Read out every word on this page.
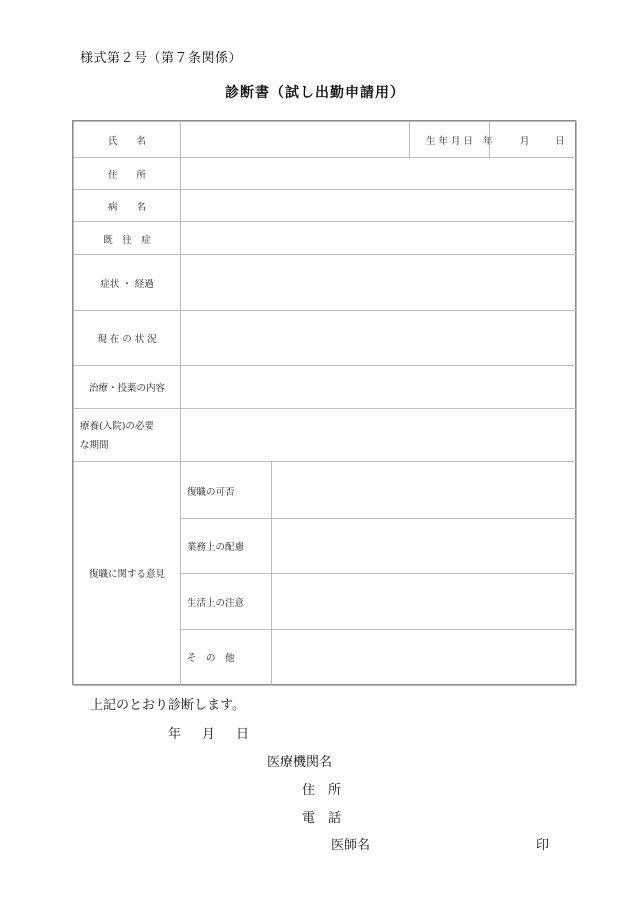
様式第２号（第７条関係）
診断書（試し出勤申請用）
氏　　名	生 年 月 日	年	月	日
住　　所
病　　名
既　往　症
症状 ・ 経過
現 在 の 状 況
治療・投薬の内容
療養(入院)の必要
な期間
復職に関する意見
復職の可否
業務上の配慮
生活上の注意
そ　の　他
上記のとおり診断します。
年 月 日
医療機関名
住　所
電　話
医師名	印
